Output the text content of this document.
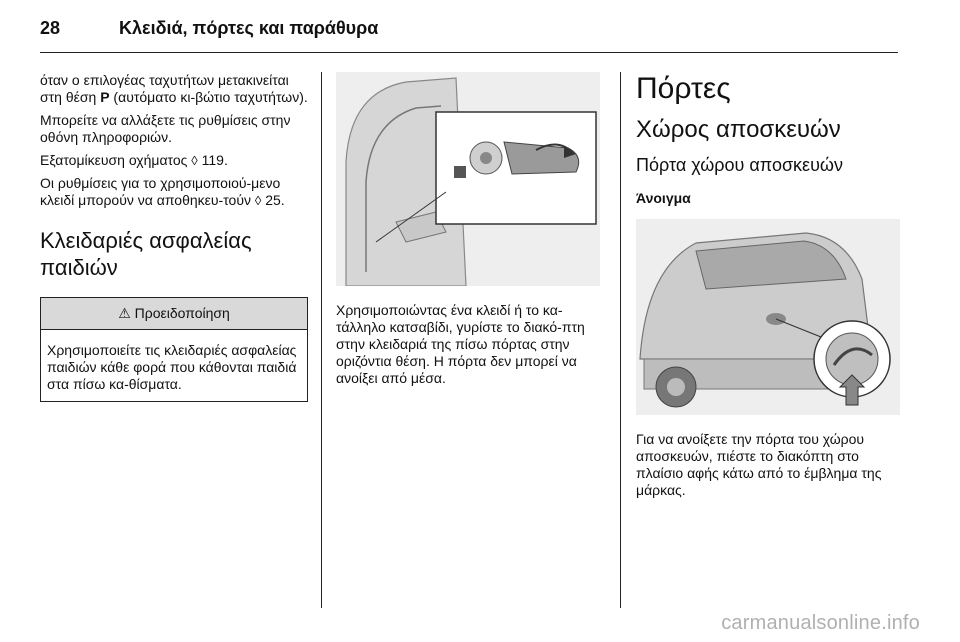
28	Κλειδιά, πόρτες και παράθυρα

όταν ο επιλογέας ταχυτήτων μετακινείται στη θέση P (αυτόματο κι-βώτιο ταχυτήτων).

Μπορείτε να αλλάξετε τις ρυθμίσεις στην οθόνη πληροφοριών.

Εξατομίκευση οχήματος ◊ 119.

Οι ρυθμίσεις για το χρησιμοποιού-μενο κλειδί μπορούν να αποθηκευ-τούν ◊ 25.

Κλειδαριές ασφαλείας παιδιών
⚠ Προειδοποίηση
Χρησιμοποιείτε τις κλειδαριές ασφαλείας παιδιών κάθε φορά που κάθονται παιδιά στα πίσω κα-θίσματα.

Χρησιμοποιώντας ένα κλειδί ή το κα-τάλληλο κατσαβίδι, γυρίστε το διακό-πτη στην κλειδαριά της πίσω πόρτας στην οριζόντια θέση. Η πόρτα δεν μπορεί να ανοίξει από μέσα.

Πόρτες
Χώρος αποσκευών
Πόρτα χώρου αποσκευών
Άνοιγμα

Για να ανοίξετε την πόρτα του χώρου αποσκευών, πιέστε το διακόπτη στο πλαίσιο αφής κάτω από το έμβλημα της μάρκας.

carmanualsonline.info
